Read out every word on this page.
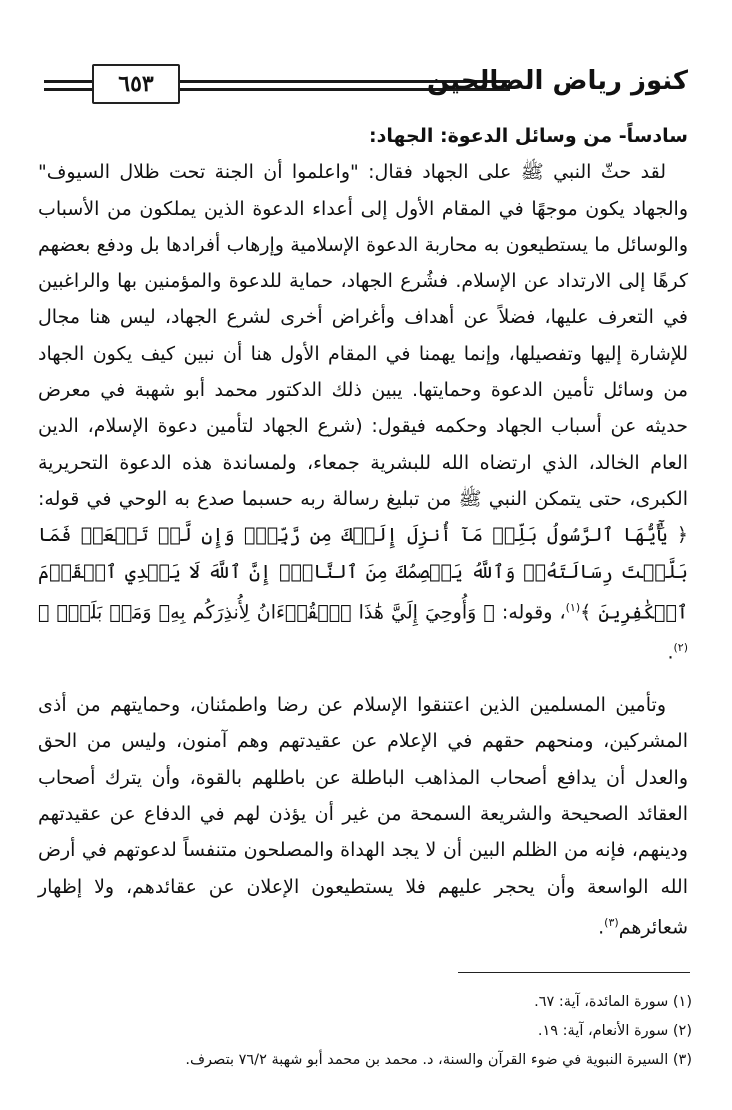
٦٥٣	كنوز رياض الصالحين
سادساً- من وسائل الدعوة: الجهاد:

لقد حثّ النبي ﷺ على الجهاد فقال: "واعلموا أن الجنة تحت ظلال السيوف" والجهاد يكون موجهًا في المقام الأول إلى أعداء الدعوة الذين يملكون من الأسباب والوسائل ما يستطيعون به محاربة الدعوة الإسلامية وإرهاب أفرادها بل ودفع بعضهم كرهًا إلى الارتداد عن الإسلام. فشُرع الجهاد، حماية للدعوة والمؤمنين بها والراغبين في التعرف عليها، فضلاً عن أهداف وأغراض أخرى لشرع الجهاد، ليس هنا مجال للإشارة إليها وتفصيلها، وإنما يهمنا في المقام الأول هنا أن نبين كيف يكون الجهاد من وسائل تأمين الدعوة وحمايتها. يبين ذلك الدكتور محمد أبو شهبة في معرض حديثه عن أسباب الجهاد وحكمه فيقول: (شرع الجهاد لتأمين دعوة الإسلام، الدين العام الخالد، الذي ارتضاه الله للبشرية جمعاء، ولمساندة هذه الدعوة التحريرية الكبرى، حتى يتمكن النبي ﷺ من تبليغ رسالة ربه حسبما صدع به الوحي في قوله: ﴿ يَٰٓأَيُّهَا ٱلرَّسُولُ بَلِّغۡ مَآ أُنزِلَ إِلَيۡكَ مِن رَّبِّكَۖ وَإِن لَّمۡ تَفۡعَلۡ فَمَا بَلَّغۡتَ رِسَالَتَهُۥۚ وَٱللَّهُ يَعۡصِمُكَ مِنَ ٱلنَّاسِۗ إِنَّ ٱللَّهَ لَا يَهۡدِي ٱلۡقَوۡمَ ٱلۡكَٰفِرِينَ ﴾$^{(١)}$، وقوله: ﴿ وَأُوحِيَ إِلَيَّ هَٰذَا ٱلۡقُرۡءَانُ لِأُنذِرَكُم بِهِۦ وَمَنۢ بَلَغَۚ ﴾$^{(٢)}$.

وتأمين المسلمين الذين اعتنقوا الإسلام عن رضا واطمئنان، وحمايتهم من أذى المشركين، ومنحهم حقهم في الإعلام عن عقيدتهم وهم آمنون، وليس من الحق والعدل أن يدافع أصحاب المذاهب الباطلة عن باطلهم بالقوة، وأن يترك أصحاب العقائد الصحيحة والشريعة السمحة من غير أن يؤذن لهم في الدفاع عن عقيدتهم ودينهم، فإنه من الظلم البين أن لا يجد الهداة والمصلحون متنفساً لدعوتهم في أرض الله الواسعة وأن يحجر عليهم فلا يستطيعون الإعلان عن عقائدهم، ولا إظهار شعائرهم$^{(٣)}$.

(١) سورة المائدة، آية: ٦٧.

(٢) سورة الأنعام، آية: ١٩.

(٣) السيرة النبوية في ضوء القرآن والسنة، د. محمد بن محمد أبو شهبة ٧٦/٢ بتصرف.
